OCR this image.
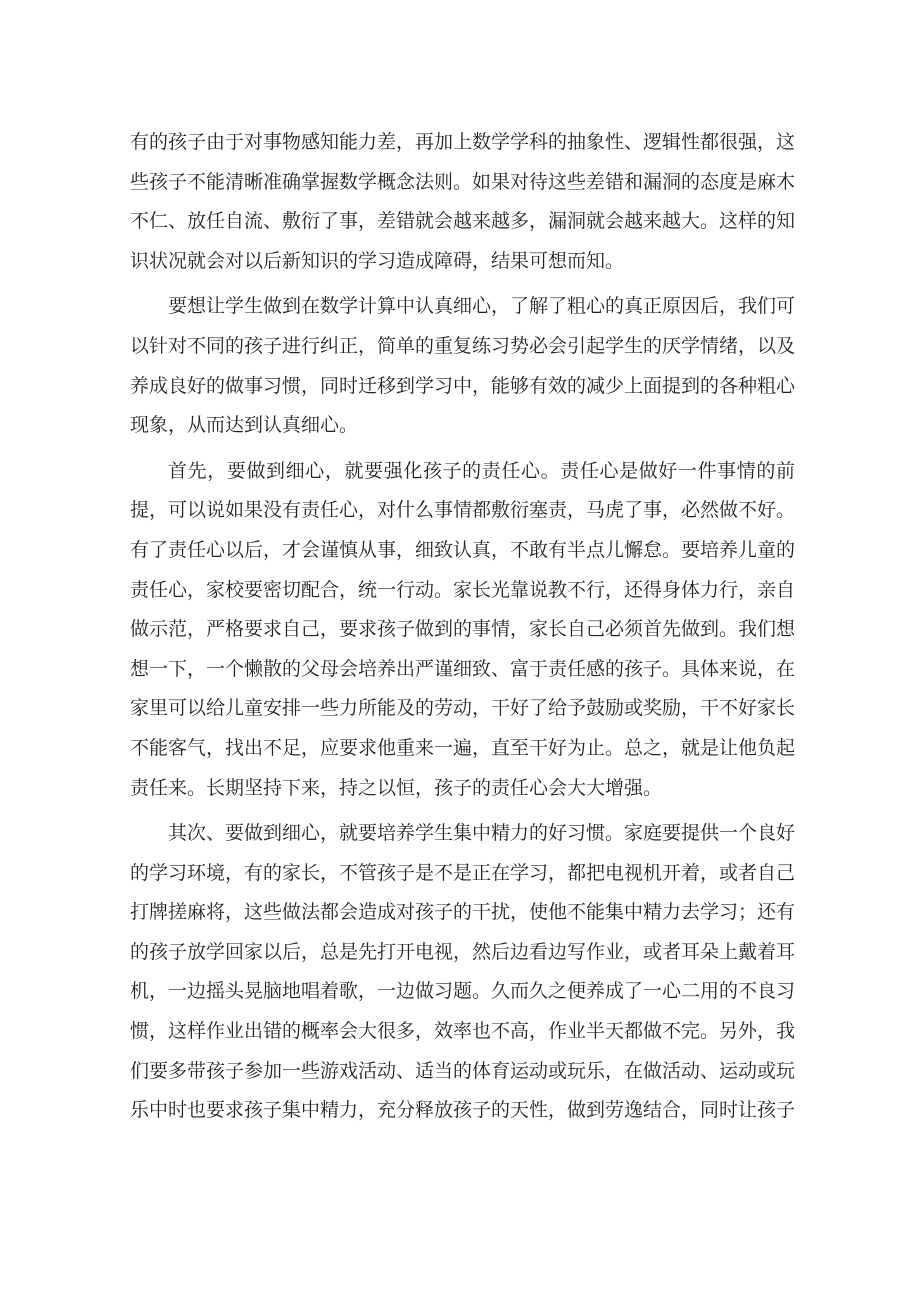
有的孩子由于对事物感知能力差，再加上数学学科的抽象性、逻辑性都很强，这些孩子不能清晰准确掌握数学概念法则。如果对待这些差错和漏洞的态度是麻木不仁、放任自流、敷衍了事，差错就会越来越多，漏洞就会越来越大。这样的知识状况就会对以后新知识的学习造成障碍，结果可想而知。

要想让学生做到在数学计算中认真细心，了解了粗心的真正原因后，我们可以针对不同的孩子进行纠正，简单的重复练习势必会引起学生的厌学情绪，以及养成良好的做事习惯，同时迁移到学习中，能够有效的减少上面提到的各种粗心现象，从而达到认真细心。

首先，要做到细心，就要强化孩子的责任心。责任心是做好一件事情的前提，可以说如果没有责任心，对什么事情都敷衍塞责，马虎了事，必然做不好。有了责任心以后，才会谨慎从事，细致认真，不敢有半点儿懈怠。要培养儿童的责任心，家校要密切配合，统一行动。家长光靠说教不行，还得身体力行，亲自做示范，严格要求自己，要求孩子做到的事情，家长自己必须首先做到。我们想想一下，一个懒散的父母会培养出严谨细致、富于责任感的孩子。具体来说，在家里可以给儿童安排一些力所能及的劳动，干好了给予鼓励或奖励，干不好家长不能客气，找出不足，应要求他重来一遍，直至干好为止。总之，就是让他负起责任来。长期坚持下来，持之以恒，孩子的责任心会大大增强。

其次、要做到细心，就要培养学生集中精力的好习惯。家庭要提供一个良好的学习环境，有的家长，不管孩子是不是正在学习，都把电视机开着，或者自己打牌搓麻将，这些做法都会造成对孩子的干扰，使他不能集中精力去学习；还有的孩子放学回家以后，总是先打开电视，然后边看边写作业，或者耳朵上戴着耳机，一边摇头晃脑地唱着歌，一边做习题。久而久之便养成了一心二用的不良习惯，这样作业出错的概率会大很多，效率也不高，作业半天都做不完。另外，我们要多带孩子参加一些游戏活动、适当的体育运动或玩乐，在做活动、运动或玩乐中时也要求孩子集中精力，充分释放孩子的天性，做到劳逸结合，同时让孩子
